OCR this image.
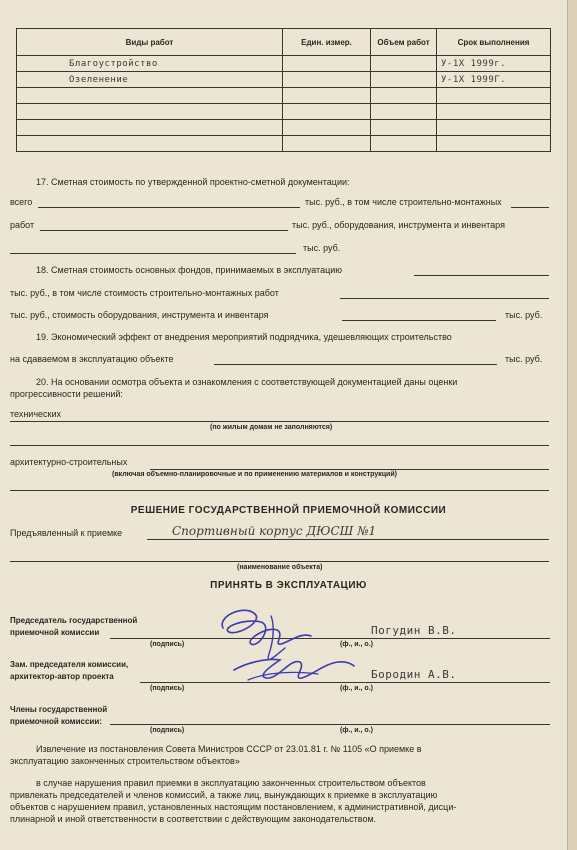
Виды работ	Един. измер.	Объем работ	Срок выполнения
Благоустройство			У-1Х 1999г.
Озеленение			У-1Х 1999Г.

17. Сметная стоимость по утвержденной проектно-сметной документации:
всего	тыс. руб., в том числе строительно-монтажных
работ	тыс. руб., оборудования, инструмента и инвентаря
тыс. руб.
18. Сметная стоимость основных фондов, принимаемых в эксплуатацию
тыс. руб., в том числе стоимость строительно-монтажных работ
тыс. руб., стоимость оборудования, инструмента и инвентаря	тыс. руб.
19. Экономический эффект от внедрения мероприятий подрядчика, удешевляющих строительство
на сдаваемом в эксплуатацию объекте	тыс. руб.
20. На основании осмотра объекта и ознакомления с соответствующей документацией даны оценки
прогрессивности решений:
технических
(по жилым домам не заполняются)
архитектурно-строительных
(включая объемно-планировочные и по применению материалов и конструкций)
РЕШЕНИЕ ГОСУДАРСТВЕННОЙ ПРИЕМОЧНОЙ КОМИССИИ
Предъявленный к приемке	Спортивный корпус ДЮСШ №1
(наименование объекта)
ПРИНЯТЬ В ЭКСПЛУАТАЦИЮ
Председатель государственной
приемочной комиссии
(подпись)
Погудин В.В.
(ф., и., о.)
Зам. председателя комиссии,
архитектор-автор проекта
(подпись)
Бородин А.В.
(ф., и., о.)
Члены государственной
приемочной комиссии:
(подпись)	(ф., и., о.)
Извлечение из постановления Совета Министров СССР от 23.01.81 г. № 1105 «О приемке в
эксплуатацию законченных строительством объектов»
в случае нарушения правил приемки в эксплуатацию законченных строительством объектов
привлекать председателей и членов комиссий, а также лиц, вынуждающих к приемке в эксплуатацию
объектов с нарушением правил, установленных настоящим постановлением, к административной, дисци-
плинарной и иной ответственности в соответствии с действующим законодательством.
